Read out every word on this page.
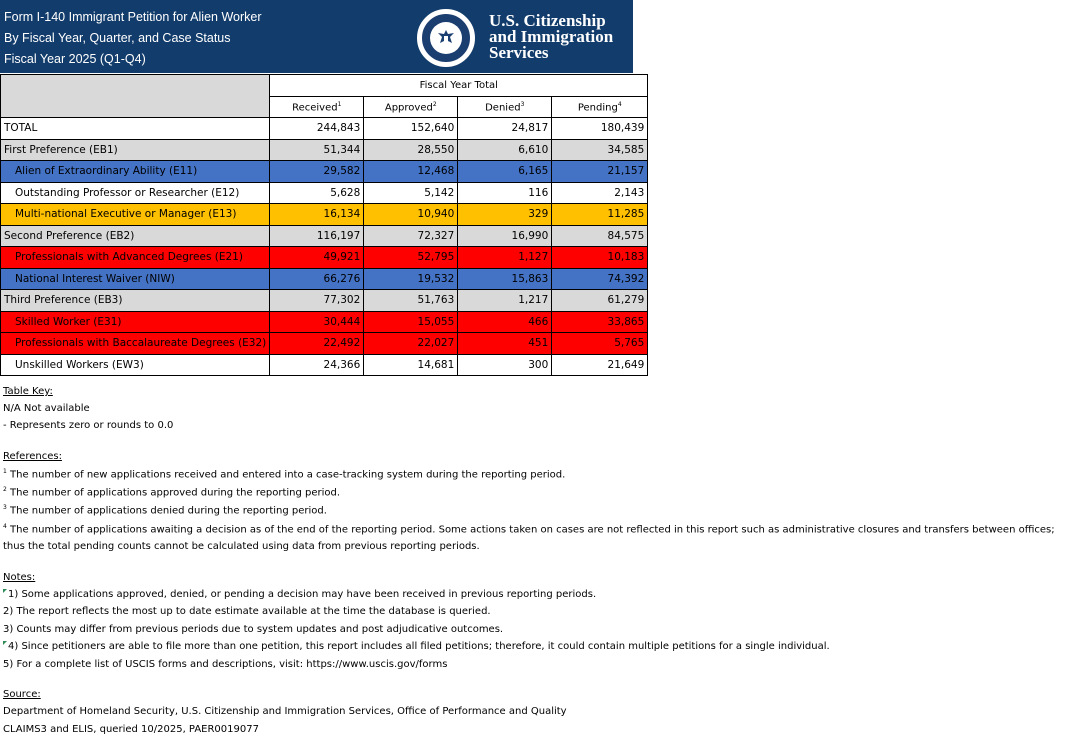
Form I-140 Immigrant Petition for Alien Worker
By Fiscal Year, Quarter, and Case Status
Fiscal Year 2025 (Q1-Q4)
U.S. Citizenship
and Immigration
Services
	Fiscal Year Total			
	Received$^1$	Approved$^2$	Denied$^3$	Pending$^4$
TOTAL	244,843	152,640	24,817	180,439
First Preference (EB1)	51,344	28,550	6,610	34,585
Alien of Extraordinary Ability (E11)	29,582	12,468	6,165	21,157
Outstanding Professor or Researcher (E12)	5,628	5,142	116	2,143
Multi-national Executive or Manager (E13)	16,134	10,940	329	11,285
Second Preference (EB2)	116,197	72,327	16,990	84,575
Professionals with Advanced Degrees (E21)	49,921	52,795	1,127	10,183
National Interest Waiver (NIW)	66,276	19,532	15,863	74,392
Third Preference (EB3)	77,302	51,763	1,217	61,279
Skilled Worker (E31)	30,444	15,055	466	33,865
Professionals with Baccalaureate Degrees (E32)	22,492	22,027	451	5,765
Unskilled Workers (EW3)	24,366	14,681	300	21,649
Table Key:
N/A Not available
- Represents zero or rounds to 0.0
References:
$^1$ The number of new applications received and entered into a case-tracking system during the reporting period.
$^2$ The number of applications approved during the reporting period.
$^3$ The number of applications denied during the reporting period.
$^4$ The number of applications awaiting a decision as of the end of the reporting period. Some actions taken on cases are not reflected in this report such as administrative closures and transfers between offices;
thus the total pending counts cannot be calculated using data from previous reporting periods.
Notes:
1) Some applications approved, denied, or pending a decision may have been received in previous reporting periods.
2) The report reflects the most up to date estimate available at the time the database is queried.
3) Counts may differ from previous periods due to system updates and post adjudicative outcomes.
4) Since petitioners are able to file more than one petition, this report includes all filed petitions; therefore, it could contain multiple petitions for a single individual.
5) For a complete list of USCIS forms and descriptions, visit: https://www.uscis.gov/forms
Source:
Department of Homeland Security, U.S. Citizenship and Immigration Services, Office of Performance and Quality
CLAIMS3 and ELIS, queried 10/2025, PAER0019077
